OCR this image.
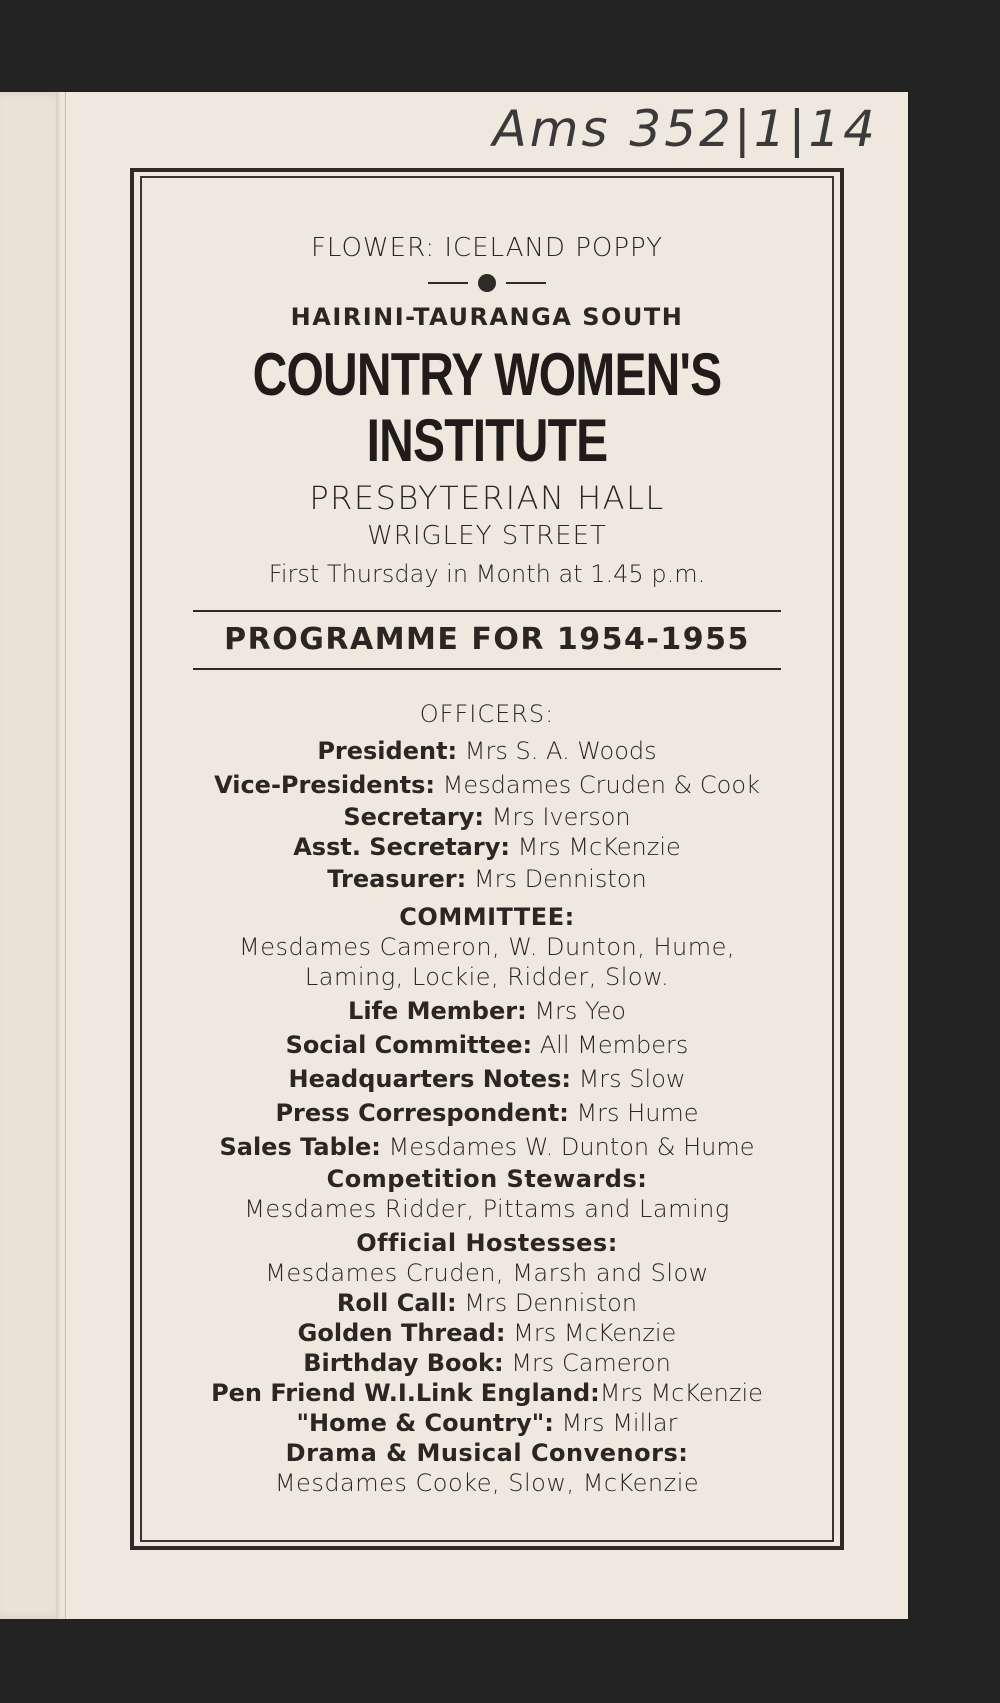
Ams 352|1|14

FLOWER: ICELAND POPPY

HAIRINI-TAURANGA SOUTH

COUNTRY WOMEN'S INSTITUTE

PRESBYTERIAN HALL

WRIGLEY STREET

First Thursday in Month at 1.45 p.m.

PROGRAMME FOR 1954-1955

OFFICERS:

President: Mrs S. A. Woods

Vice-Presidents: Mesdames Cruden & Cook

Secretary: Mrs Iverson

Asst. Secretary: Mrs McKenzie

Treasurer: Mrs Denniston

COMMITTEE:

Mesdames Cameron, W. Dunton, Hume,

Laming, Lockie, Ridder, Slow.

Life Member: Mrs Yeo

Social Committee: All Members

Headquarters Notes: Mrs Slow

Press Correspondent: Mrs Hume

Sales Table: Mesdames W. Dunton & Hume

Competition Stewards:

Mesdames Ridder, Pittams and Laming

Official Hostesses:

Mesdames Cruden, Marsh and Slow

Roll Call: Mrs Denniston

Golden Thread: Mrs McKenzie

Birthday Book: Mrs Cameron

Pen Friend W.I.Link England:Mrs McKenzie

"Home & Country": Mrs Millar

Drama & Musical Convenors:

Mesdames Cooke, Slow, McKenzie
